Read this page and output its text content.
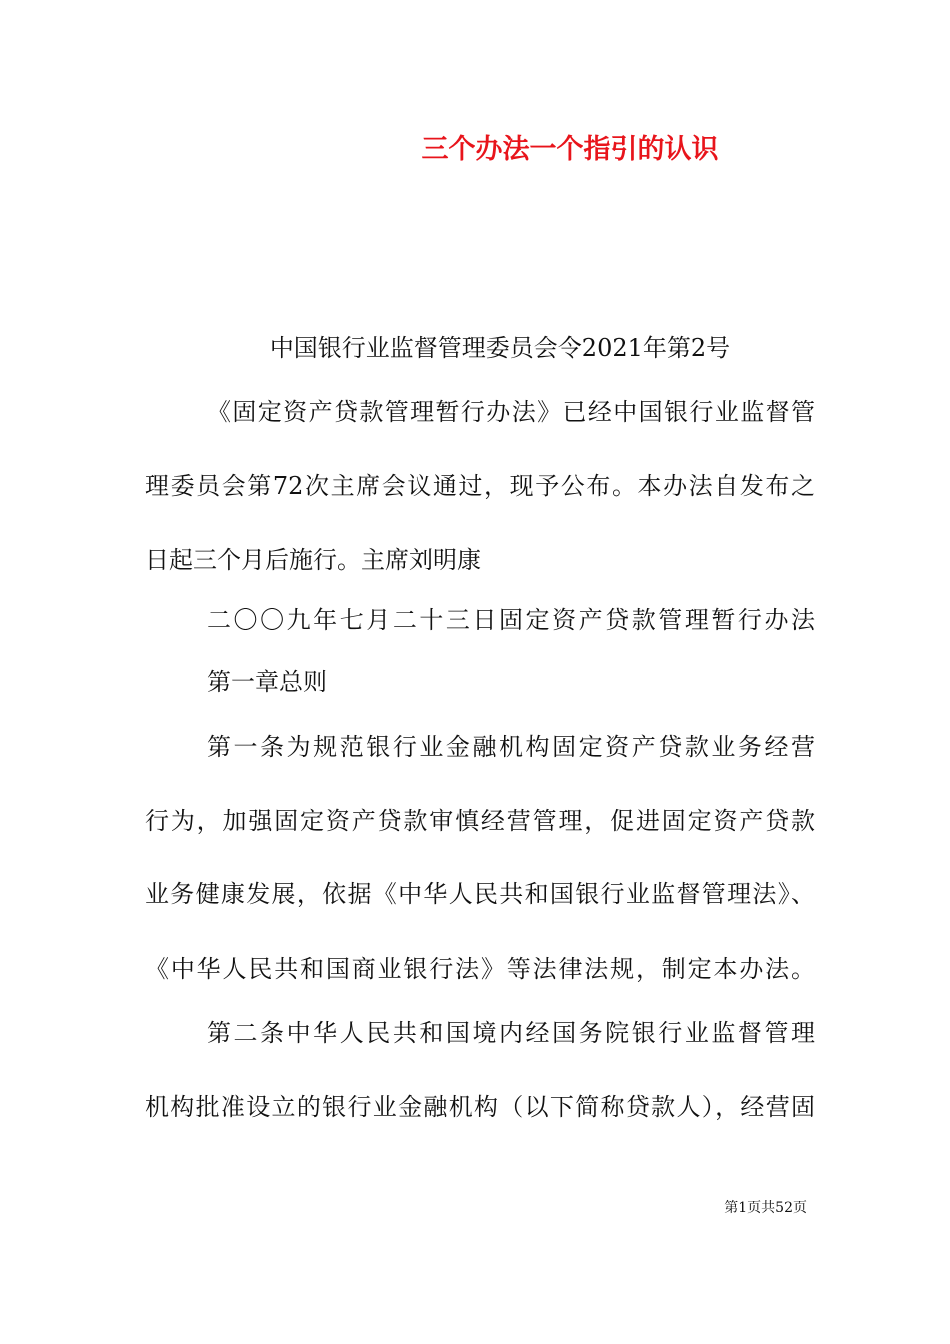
三个办法一个指引的认识
中国银行业监督管理委员会令2021年第2号
《固定资产贷款管理暂行办法》已经中国银行业监督管
理委员会第72次主席会议通过，现予公布。本办法自发布之
日起三个月后施行。主席刘明康
二〇〇九年七月二十三日固定资产贷款管理暂行办法
第一章总则
第一条为规范银行业金融机构固定资产贷款业务经营
行为，加强固定资产贷款审慎经营管理，促进固定资产贷款
业务健康发展，依据《中华人民共和国银行业监督管理法》、
《中华人民共和国商业银行法》等法律法规，制定本办法。
第二条中华人民共和国境内经国务院银行业监督管理
机构批准设立的银行业金融机构（以下简称贷款人），经营固
第1页共52页
